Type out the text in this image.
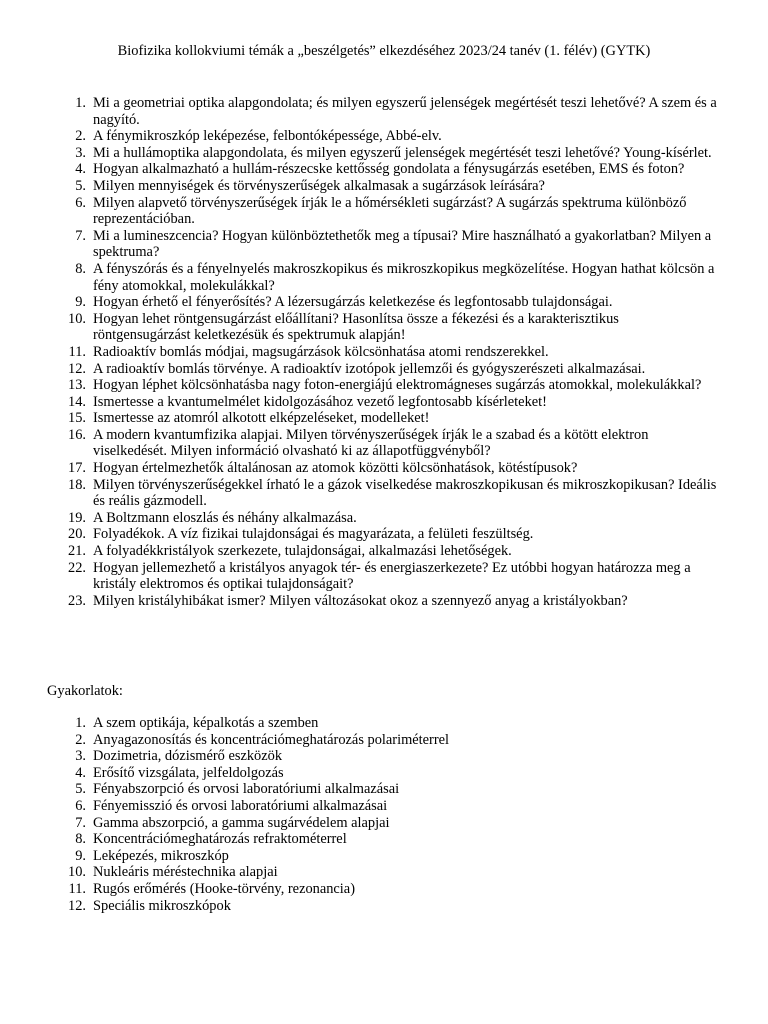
Biofizika kollokviumi témák a „beszélgetés” elkezdéséhez 2023/24 tanév (1. félév) (GYTK)
1. Mi a geometriai optika alapgondolata; és milyen egyszerű jelenségek megértését teszi lehetővé? A szem és a nagyító.
2. A fénymikroszkóp leképezése, felbontóképessége, Abbé-elv.
3. Mi a hullámoptika alapgondolata, és milyen egyszerű jelenségek megértését teszi lehetővé? Young-kísérlet.
4. Hogyan alkalmazható a hullám-részecske kettősség gondolata a fénysugárzás esetében, EMS és foton?
5. Milyen mennyiségek és törvényszerűségek alkalmasak a sugárzások leírására?
6. Milyen alapvető törvényszerűségek írják le a hőmérsékleti sugárzást? A sugárzás spektruma különböző reprezentációban.
7. Mi a lumineszcencia? Hogyan különböztethetők meg a típusai? Mire használható a gyakorlatban? Milyen a spektruma?
8. A fényszórás és a fényelnyelés makroszkopikus és mikroszkopikus megközelítése. Hogyan hathat kölcsön a fény atomokkal, molekulákkal?
9. Hogyan érhető el fényerősítés? A lézersugárzás keletkezése és legfontosabb tulajdonságai.
10. Hogyan lehet röntgensugárzást előállítani? Hasonlítsa össze a fékezési és a karakterisztikus röntgensugárzást keletkezésük és spektrumuk alapján!
11. Radioaktív bomlás módjai, magsugárzások kölcsönhatása atomi rendszerekkel.
12. A radioaktív bomlás törvénye. A radioaktív izotópok jellemzői és gyógyszerészeti alkalmazásai.
13. Hogyan léphet kölcsönhatásba nagy foton-energiájú elektromágneses sugárzás atomokkal, molekulákkal?
14. Ismertesse a kvantumelmélet kidolgozásához vezető legfontosabb kísérleteket!
15. Ismertesse az atomról alkotott elképzeléseket, modelleket!
16. A modern kvantumfizika alapjai. Milyen törvényszerűségek írják le a szabad és a kötött elektron viselkedését. Milyen információ olvasható ki az állapotfüggvényből?
17. Hogyan értelmezhetők általánosan az atomok közötti kölcsönhatások, kötéstípusok?
18. Milyen törvényszerűségekkel írható le a gázok viselkedése makroszkopikusan és mikroszkopikusan? Ideális és reális gázmodell.
19. A Boltzmann eloszlás és néhány alkalmazása.
20. Folyadékok. A víz fizikai tulajdonságai és magyarázata, a felületi feszültség.
21. A folyadékkristályok szerkezete, tulajdonságai, alkalmazási lehetőségek.
22. Hogyan jellemezhető a kristályos anyagok tér- és energiaszerkezete? Ez utóbbi hogyan határozza meg a kristály elektromos és optikai tulajdonságait?
23. Milyen kristályhibákat ismer? Milyen változásokat okoz a szennyező anyag a kristályokban?
Gyakorlatok:
1. A szem optikája, képalkotás a szemben
2. Anyagazonosítás és koncentrációmeghatározás polariméterrel
3. Dozimetria, dózismérő eszközök
4. Erősítő vizsgálata, jelfeldolgozás
5. Fényabszorpció és orvosi laboratóriumi alkalmazásai
6. Fényemisszió és orvosi laboratóriumi alkalmazásai
7. Gamma abszorpció, a gamma sugárvédelem alapjai
8. Koncentrációmeghatározás refraktométerrel
9. Leképezés, mikroszkóp
10. Nukleáris méréstechnika alapjai
11. Rugós erőmérés (Hooke-törvény, rezonancia)
12. Speciális mikroszkópok
